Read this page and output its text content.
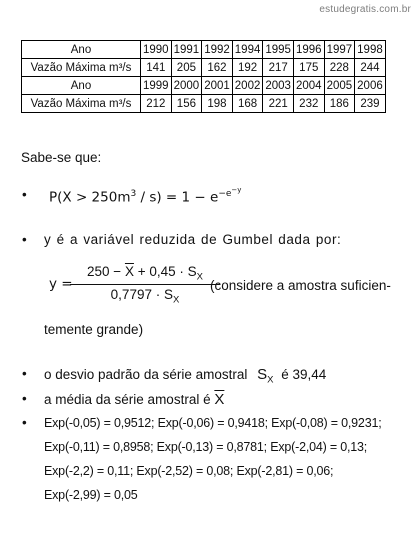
estudegratis.com.br
Ano	1990	1991	1992	1994	1995	1996	1997	1998
Vazão Máxima m³/s	141	205	162	192	217	175	228	244
Ano	1999	2000	2001	2002	2003	2004	2005	2006
Vazão Máxima m³/s	212	156	198	168	221	232	186	239
Sabe-se que:
• $P(X > 250m^3 / s) = 1 - e^{-e^{-y}}$
• y é a variável reduzida de Gumbel dada por:
y =
$250 - \overline{X} + 0,45 \cdot S_X$
$0,7797 \cdot S_X$
(considere a amostra suficien-
temente grande)
• o desvio padrão da série amostral $S_X$ é 39,44
• a média da série amostral é $\overline{X}$
• Exp(-0,05) = 0,9512; Exp(-0,06) = 0,9418; Exp(-0,08) = 0,9231;
Exp(-0,11) = 0,8958; Exp(-0,13) = 0,8781; Exp(-2,04) = 0,13;
Exp(-2,2) = 0,11; Exp(-2,52) = 0,08; Exp(-2,81) = 0,06;
Exp(-2,99) = 0,05
